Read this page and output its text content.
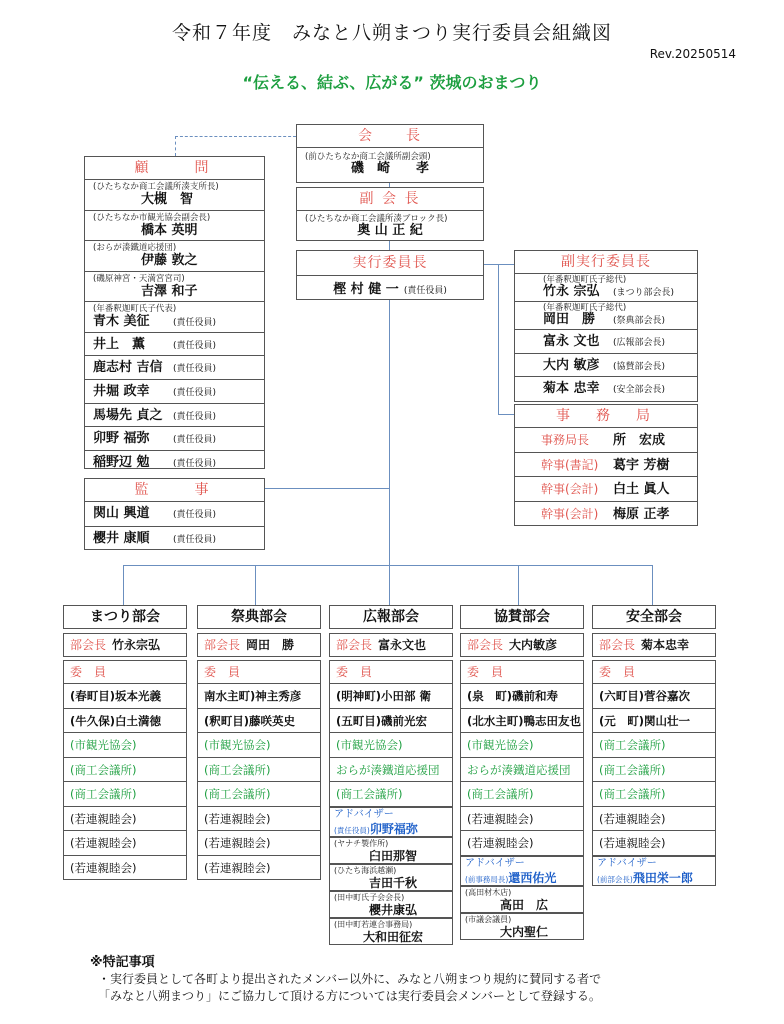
令和７年度　みなと八朔まつり実行委員会組織図
Rev.20250514
“伝える、結ぶ、広がる” 茨城のおまつり
会　　長
(前ひたちなか商工会議所副会頭)
磯　崎　　孝
副 会 長
(ひたちなか商工会議所湊ブロック長)
奥 山 正 紀
実行委員長
樫 村 健 一 (責任役員)
顧　　問
(ひたちなか商工会議所湊支所長)
大槻　智
(ひたちなか市観光協会副会長)
橋本 英明
(おらが湊鐵道応援団)
伊藤 敦之
(磯原神宮・天満宮宮司)
吉澤 和子
(年番釈迦町氏子代表)
青木 美征	(責任役員)
井上　薫	(責任役員)
鹿志村 吉信 (責任役員)
井堀 政幸	(責任役員)
馬場先 貞之 (責任役員)
卯野 福弥	(責任役員)
稲野辺 勉	(責任役員)
監　　事
関山 興道	(責任役員)
櫻井 康順	(責任役員)
副実行委員長
(年番釈迦町氏子総代)
竹永 宗弘 (まつり部会長)
(年番釈迦町氏子総代)
岡田　勝 (祭典部会長)
富永 文也 (広報部会長)
大内 敏彦 (協賛部会長)
菊本 忠幸 (安全部会長)
事　務　局
事務局長 所　宏成
幹事(書記) 葛宇 芳樹
幹事(会計) 白土 眞人
幹事(会計) 梅原 正孝
まつり部会
部会長 竹永宗弘
委　員
(春町目)坂本光義
(牛久保)白土満徳
(市観光協会)
(商工会議所)
(商工会議所)
(若連親睦会)
(若連親睦会)
(若連親睦会)
祭典部会
部会長 岡田　勝
委　員
南水主町)神主秀彦
(釈町目)藤咲英史
(市観光協会)
(商工会議所)
(商工会議所)
(若連親睦会)
(若連親睦会)
(若連親睦会)
広報部会
部会長 富永文也
委　員
(明神町)小田部 衛
(五町目)磯前光宏
(市観光協会)
おらが湊鐵道応援団
(商工会議所)
アドバイザー
(責任役員)卯野福弥
(ヤナチ製作所)
臼田那智
(ひたち海浜越瀬)
吉田千秋
(田中町氏子会会長)
櫻井康弘
(田中町若連合事務局)
大和田征宏
協賛部会
部会長 大内敏彦
委　員
(泉　町)磯前和寿
(北水主町)鴨志田友也
(市観光協会)
おらが湊鐵道応援団
(商工会議所)
(若連親睦会)
(若連親睦会)
アドバイザー
(前事務局長)還西佑光
(高田材木店)
高田　広
(市議会議員)
大内聖仁
安全部会
部会長 菊本忠幸
委　員
(六町目)菅谷嘉次
(元　町)関山壮一
(商工会議所)
(商工会議所)
(商工会議所)
(若連親睦会)
(若連親睦会)
アドバイザー
(前部会長)飛田栄一郎
※特記事項
・実行委員として各町より提出されたメンバー以外に、みなと八朔まつり規約に賛同する者で
「みなと八朔まつり」にご協力して頂ける方については実行委員会メンバーとして登録する。
